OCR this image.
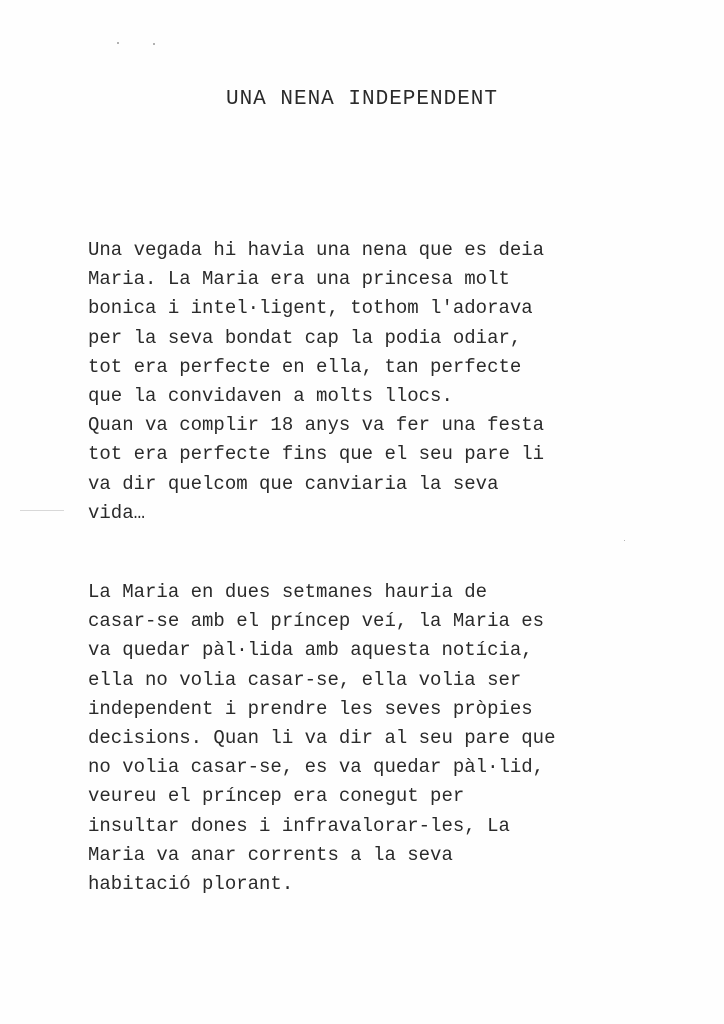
UNA NENA INDEPENDENT

Una vegada hi havia una nena que es deia
Maria. La Maria era una princesa molt
bonica i intel·ligent, tothom l'adorava
per la seva bondat cap la podia odiar,
tot era perfecte en ella, tan perfecte
que la convidaven a molts llocs.
Quan va complir 18 anys va fer una festa
tot era perfecte fins que el seu pare li
va dir quelcom que canviaria la seva
vida…

La Maria en dues setmanes hauria de
casar-se amb el príncep veí, la Maria es
va quedar pàl·lida amb aquesta notícia,
ella no volia casar-se, ella volia ser
independent i prendre les seves pròpies
decisions. Quan li va dir al seu pare que
no volia casar-se, es va quedar pàl·lid,
veureu el príncep era conegut per
insultar dones i infravalorar-les, La
Maria va anar corrents a la seva
habitació plorant.
